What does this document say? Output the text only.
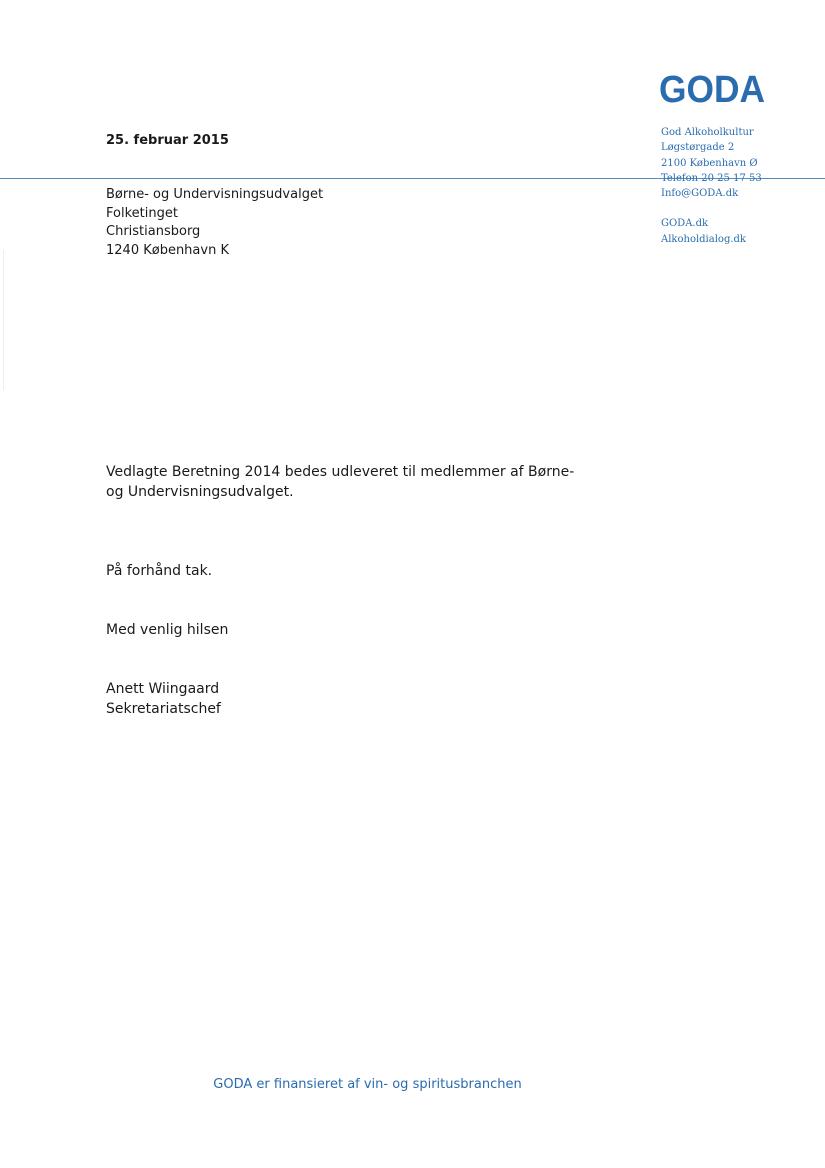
GODA
25. februar 2015
God Alkoholkultur
Løgstørgade 2
2100 København Ø
Telefon 20 25 17 53
Info@GODA.dk
GODA.dk
Alkoholdialog.dk
Børne- og Undervisningsudvalget
Folketinget
Christiansborg
1240 København K
Vedlagte Beretning 2014 bedes udleveret til medlemmer af Børne- og Undervisningsudvalget.
På forhånd tak.
Med venlig hilsen
Anett Wiingaard
Sekretariatschef
GODA er finansieret af vin- og spiritusbranchen
